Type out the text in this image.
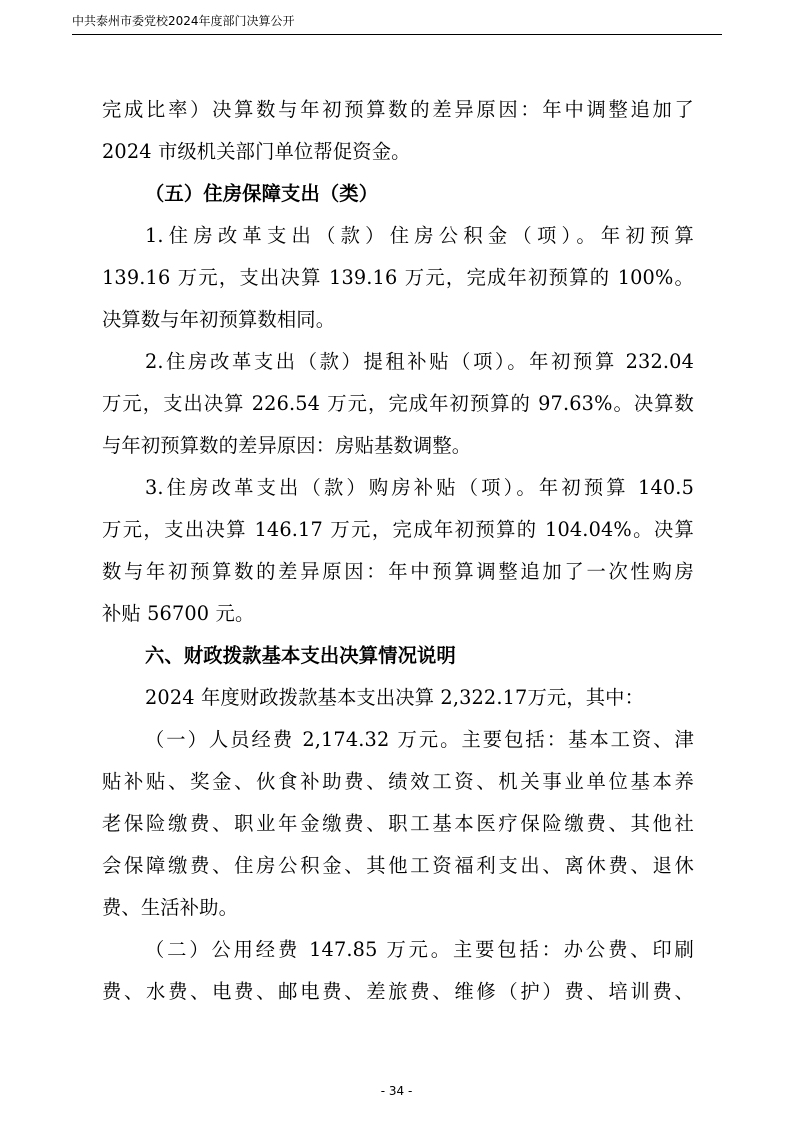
中共泰州市委党校2024年度部门决算公开
完成比率）决算数与年初预算数的差异原因：年中调整追加了
2024 市级机关部门单位帮促资金。
（五）住房保障支出（类）
1.住房改革支出（款）住房公积金（项）。年初预算
139.16 万元，支出决算 139.16 万元，完成年初预算的 100%。
决算数与年初预算数相同。
2.住房改革支出（款）提租补贴（项）。年初预算 232.04
万元，支出决算 226.54 万元，完成年初预算的 97.63%。决算数
与年初预算数的差异原因：房贴基数调整。
3.住房改革支出（款）购房补贴（项）。年初预算 140.5
万元，支出决算 146.17 万元，完成年初预算的 104.04%。决算
数与年初预算数的差异原因：年中预算调整追加了一次性购房
补贴 56700 元。
六、财政拨款基本支出决算情况说明
2024 年度财政拨款基本支出决算 2,322.17万元，其中：
（一）人员经费 2,174.32 万元。主要包括：基本工资、津
贴补贴、奖金、伙食补助费、绩效工资、机关事业单位基本养
老保险缴费、职业年金缴费、职工基本医疗保险缴费、其他社
会保障缴费、住房公积金、其他工资福利支出、离休费、退休
费、生活补助。
（二）公用经费 147.85 万元。主要包括：办公费、印刷
费、水费、电费、邮电费、差旅费、维修（护）费、培训费、
- 34 -
